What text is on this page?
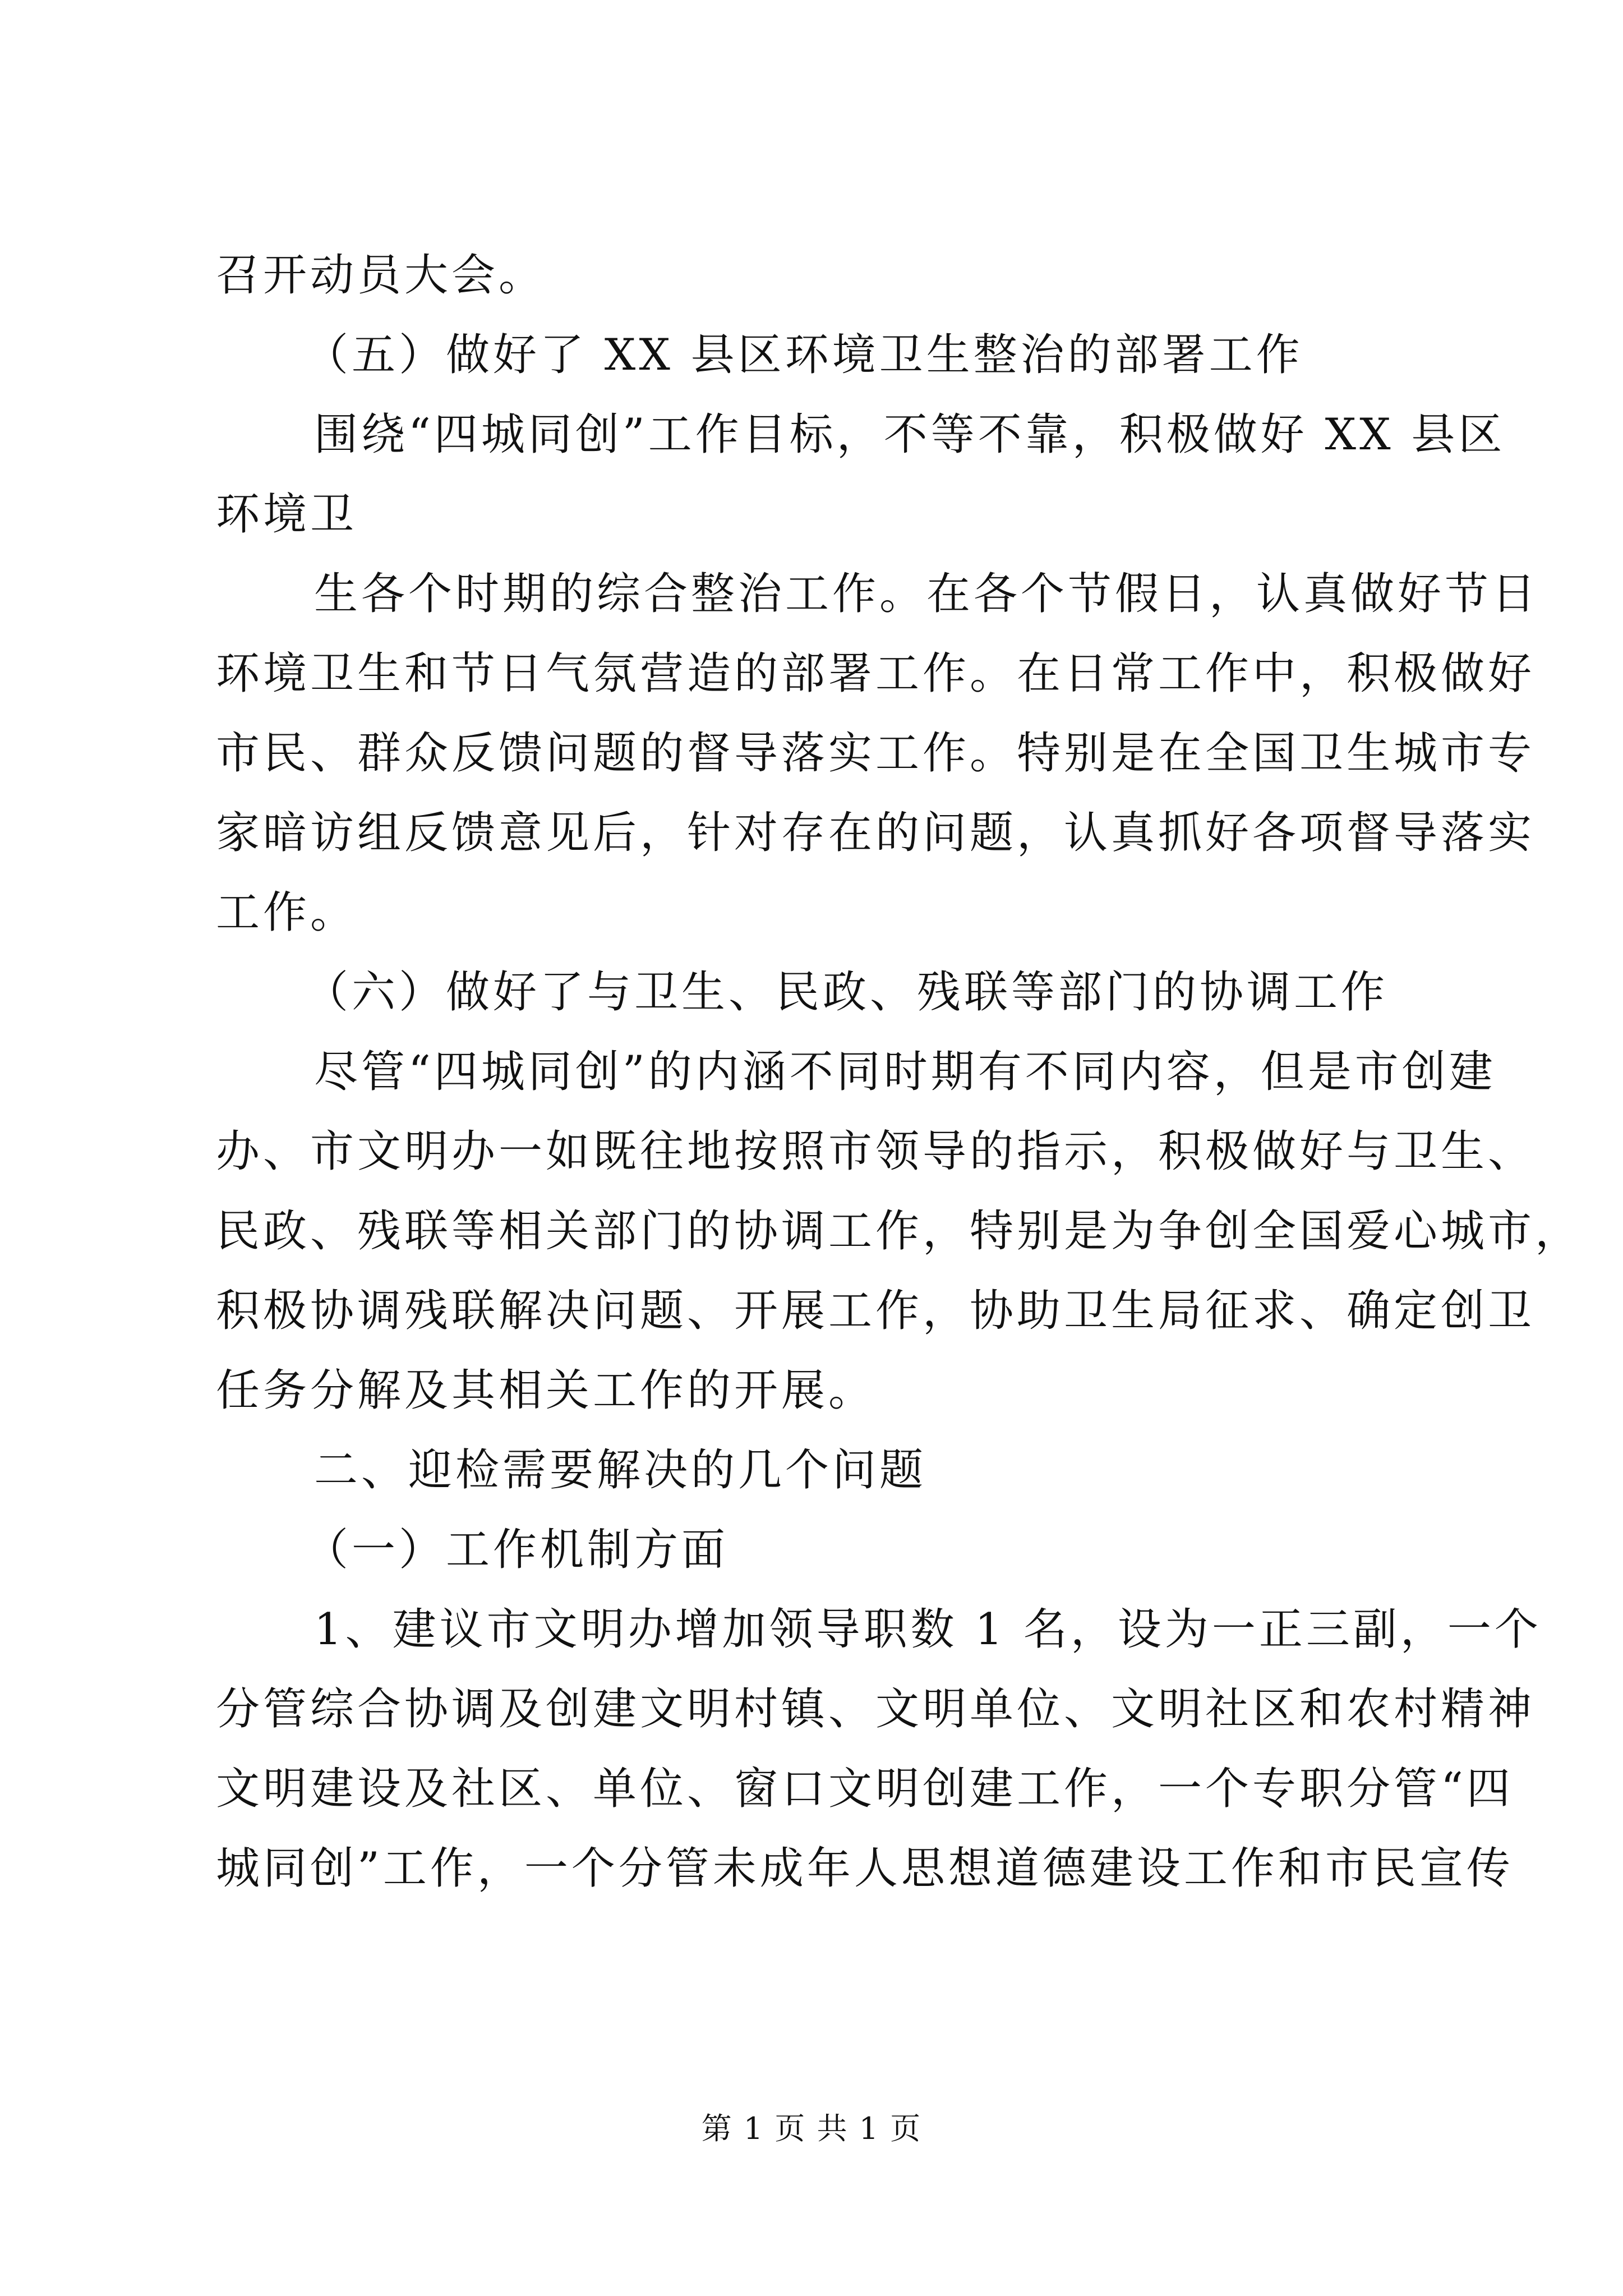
召开动员大会。
（五）做好了 XX 县区环境卫生整治的部署工作
围绕“四城同创”工作目标，不等不靠，积极做好 XX 县区
环境卫
生各个时期的综合整治工作。在各个节假日，认真做好节日
环境卫生和节日气氛营造的部署工作。在日常工作中，积极做好
市民、群众反馈问题的督导落实工作。特别是在全国卫生城市专
家暗访组反馈意见后，针对存在的问题，认真抓好各项督导落实
工作。
（六）做好了与卫生、民政、残联等部门的协调工作
尽管“四城同创”的内涵不同时期有不同内容，但是市创建
办、市文明办一如既往地按照市领导的指示，积极做好与卫生、
民政、残联等相关部门的协调工作，特别是为争创全国爱心城市，
积极协调残联解决问题、开展工作，协助卫生局征求、确定创卫
任务分解及其相关工作的开展。
二、迎检需要解决的几个问题
（一）工作机制方面
1、建议市文明办增加领导职数 1 名，设为一正三副，一个
分管综合协调及创建文明村镇、文明单位、文明社区和农村精神
文明建设及社区、单位、窗口文明创建工作，一个专职分管“四
城同创”工作，一个分管未成年人思想道德建设工作和市民宣传
第 1 页 共 1 页
